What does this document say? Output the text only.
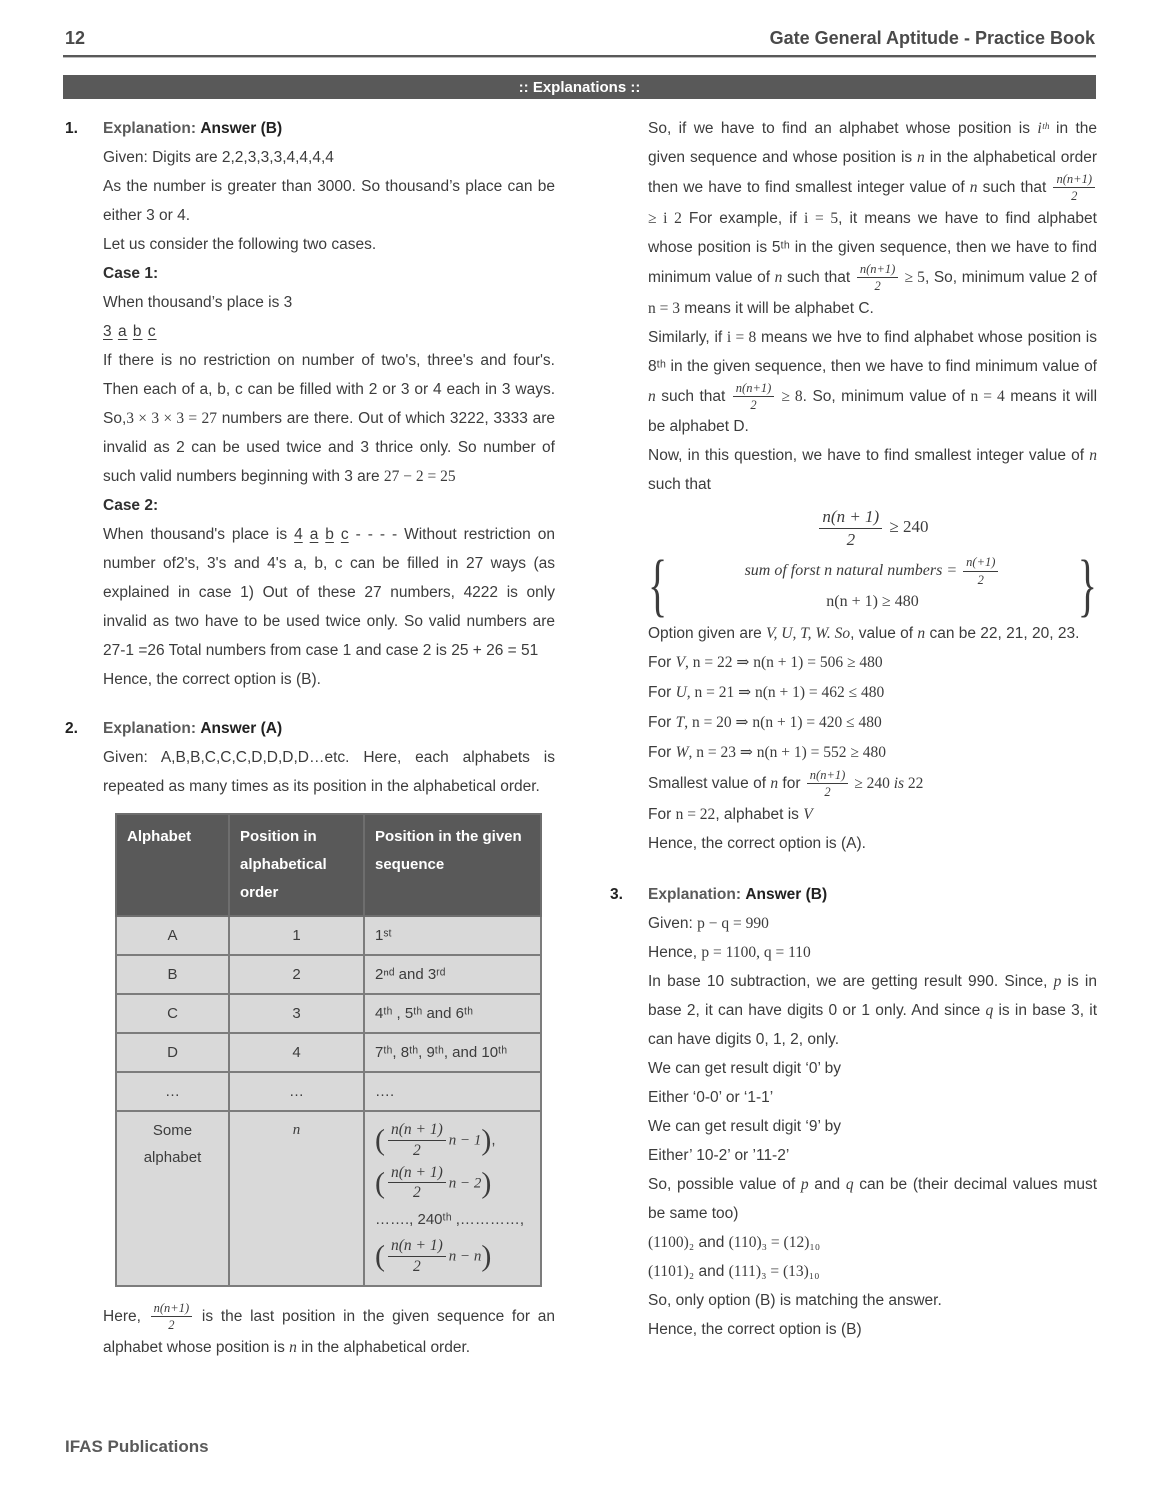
12	Gate General Aptitude - Practice Book
:: Explanations ::
1. Explanation: Answer (B)

Given: Digits are 2,2,3,3,3,4,4,4,4

As the number is greater than 3000. So thousand’s place can be either 3 or 4.

Let us consider the following two cases.

Case 1:

When thousand’s place is 3

3 a b c

If there is no restriction on number of two's, three's and four's. Then each of a, b, c can be filled with 2 or 3 or 4 each in 3 ways. So,3 × 3 × 3 = 27 numbers are there. Out of which 3222, 3333 are invalid as 2 can be used twice and 3 thrice only. So number of such valid numbers beginning with 3 are 27 − 2 = 25

Case 2:

When thousand's place is 4 a b c - - - - Without restriction on number of2's, 3's and 4's a, b, c can be filled in 27 ways (as explained in case 1) Out of these 27 numbers, 4222 is only invalid as two have to be used twice only. So valid numbers are 27-1 =26 Total numbers from case 1 and case 2 is 25 + 26 = 51

Hence, the correct option is (B).

2. Explanation: Answer (A)

Given: A,B,B,C,C,C,D,D,D,D…etc. Here, each alphabets is repeated as many times as its position in the alphabetical order.

Alphabet	Position in alphabetical order	Position in the given sequence
A	1	1ˢᵗ
B	2	2ⁿᵈ and 3ʳᵈ
C	3	4ᵗʰ , 5ᵗʰ and 6ᵗʰ
D	4	7ᵗʰ, 8ᵗʰ, 9ᵗʰ, and 10ᵗʰ
…	…	….
Some alphabet	n	( $\frac{n(n + 1)}{2}$ n − 1),
( $\frac{n(n + 1)}{2}$ n − 2)
……., 240ᵗʰ ,…………,
( $\frac{n(n + 1)}{2}$ n − n)

Here, $\frac{n(n+1)}{2}$ is the last position in the given sequence for an alphabet whose position is n in the alphabetical order.

So, if we have to find an alphabet whose position is iᵗʰ in the given sequence and whose position is n in the alphabetical order then we have to find smallest integer value of n such that $\frac{n(n+1)}{2}$
≥ i 2 For example, if i = 5, it means we have to find alphabet whose position is 5ᵗʰ in the given sequence, then we have to find minimum value of n such that $\frac{n(n+1)}{2} \ge 5$, So, minimum value 2 of n = 3 means it will be alphabet C.

Similarly, if i = 8 means we hve to find alphabet whose position is 8ᵗʰ in the given sequence, then we have to find minimum value of n such that $\frac{n(n+1)}{2} \ge 8$. So, minimum value of n = 4 means it will be alphabet D.

Now, in this question, we have to find smallest integer value of n such that

$\frac{n(n + 1)}{2} \ge 240$
{	sum of forst n natural numbers = $\frac{n(+1)}{2}$
n(n + 1) ≥ 480	}

Option given are V, U, T, W. So, value of n can be 22, 21, 20, 23.

For V, n = 22 ⇒ n(n + 1) = 506 ≥ 480

For U, n = 21 ⇒ n(n + 1) = 462 ≤ 480

For T, n = 20 ⇒ n(n + 1) = 420 ≤ 480

For W, n = 23 ⇒ n(n + 1) = 552 ≥ 480

Smallest value of n for $\frac{n(n+1)}{2} \ge 240$ is 22

For n = 22, alphabet is V

Hence, the correct option is (A).

3. Explanation: Answer (B)

Given: p − q = 990

Hence, p = 1100, q = 110

In base 10 subtraction, we are getting result 990. Since, p is in base 2, it can have digits 0 or 1 only. And since q is in base 3, it can have digits 0, 1, 2, only.

We can get result digit ‘0’ by

Either ‘0-0’ or ‘1-1’

We can get result digit ‘9’ by

Either’ 10-2’ or ’11-2’

So, possible value of p and q can be (their decimal values must be same too)

(1100)₂ and (110)₃ = (12)₁₀

(1101)₂ and (111)₃ = (13)₁₀

So, only option (B) is matching the answer.

Hence, the correct option is (B)

IFAS Publications
